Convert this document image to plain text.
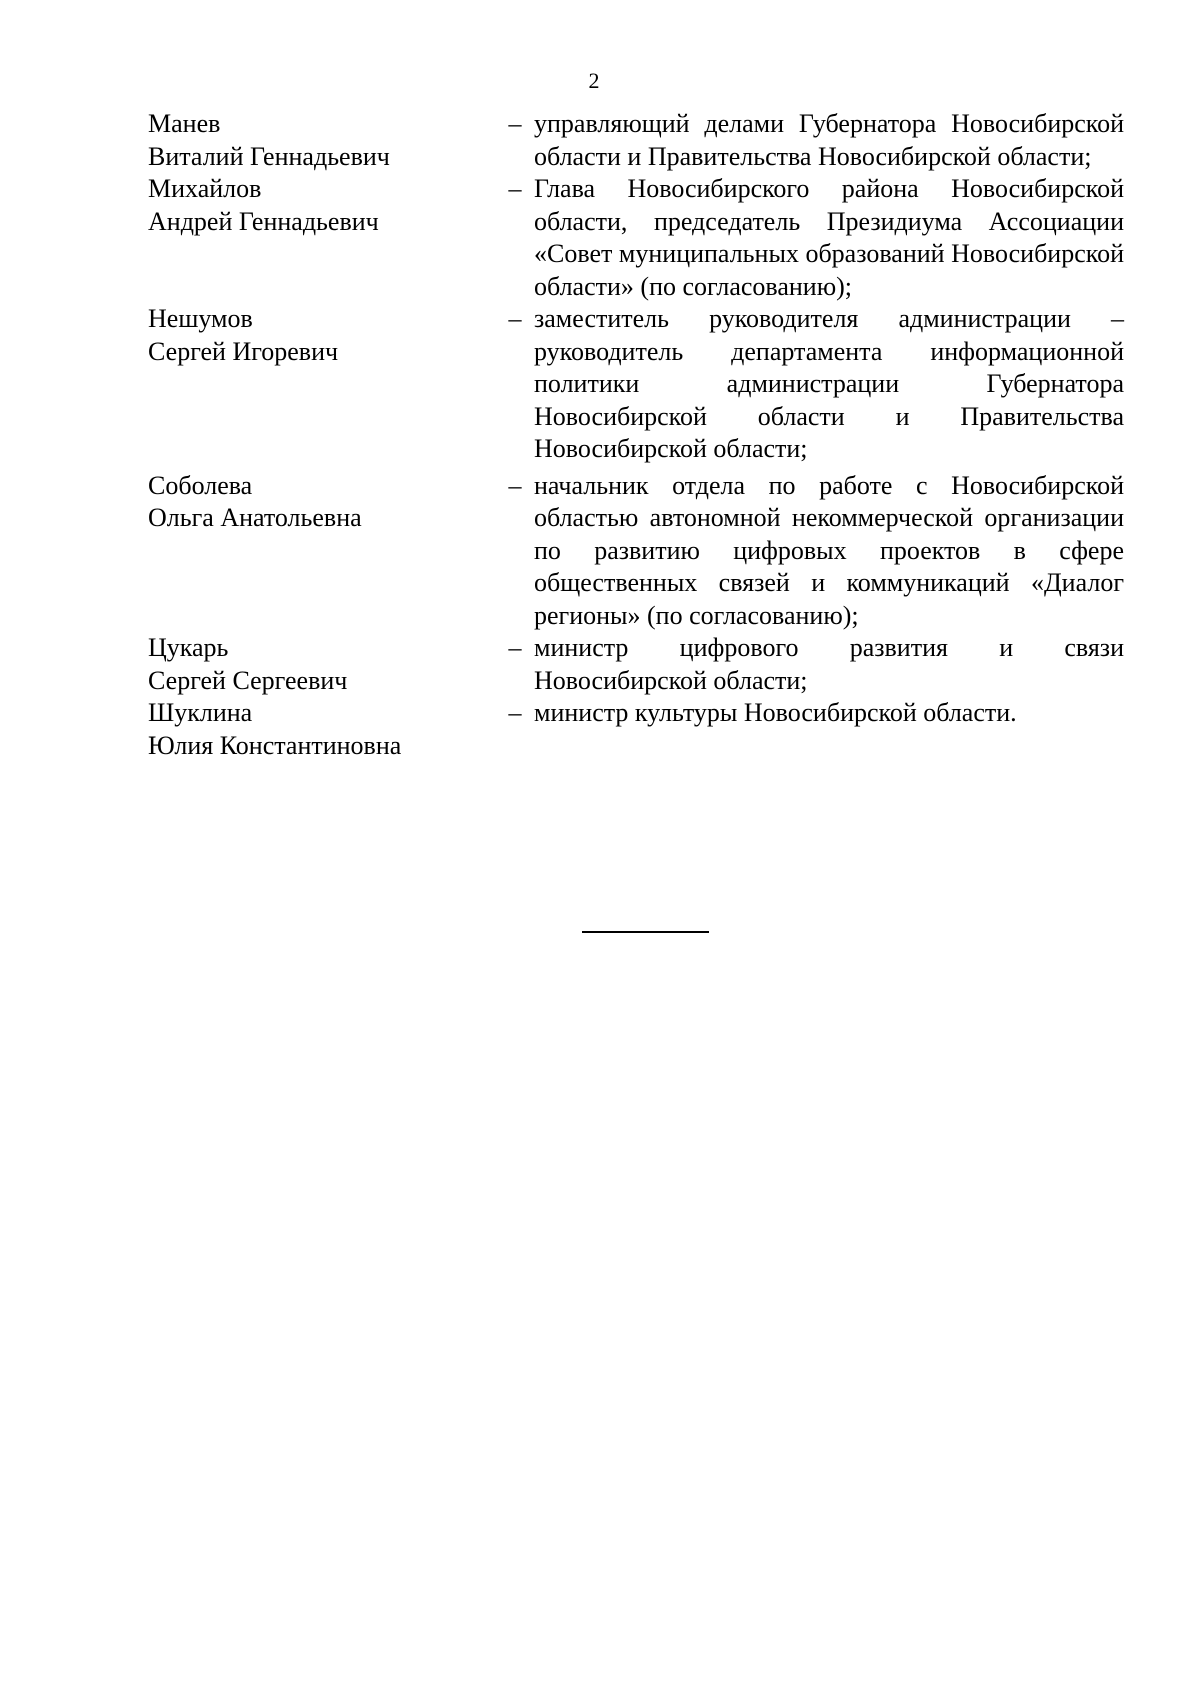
2
Манев
Виталий Геннадьевич
– управляющий делами Губернатора Новосибирской области и Правительства Новосибирской области;
Михайлов
Андрей Геннадьевич
– Глава Новосибирского района Новосибирской области, председатель Президиума Ассоциации «Совет муниципальных образований Новосибирской области» (по согласованию);
Нешумов
Сергей Игоревич
– заместитель руководителя администрации – руководитель департамента информационной политики администрации Губернатора Новосибирской области и Правительства Новосибирской области;
Соболева
Ольга Анатольевна
– начальник отдела по работе с Новосибирской областью автономной некоммерческой организации по развитию цифровых проектов в сфере общественных связей и коммуникаций «Диалог регионы» (по согласованию);
Цукарь
Сергей Сергеевич
– министр цифрового развития и связи Новосибирской области;
Шуклина
Юлия Константиновна
– министр культуры Новосибирской области.
